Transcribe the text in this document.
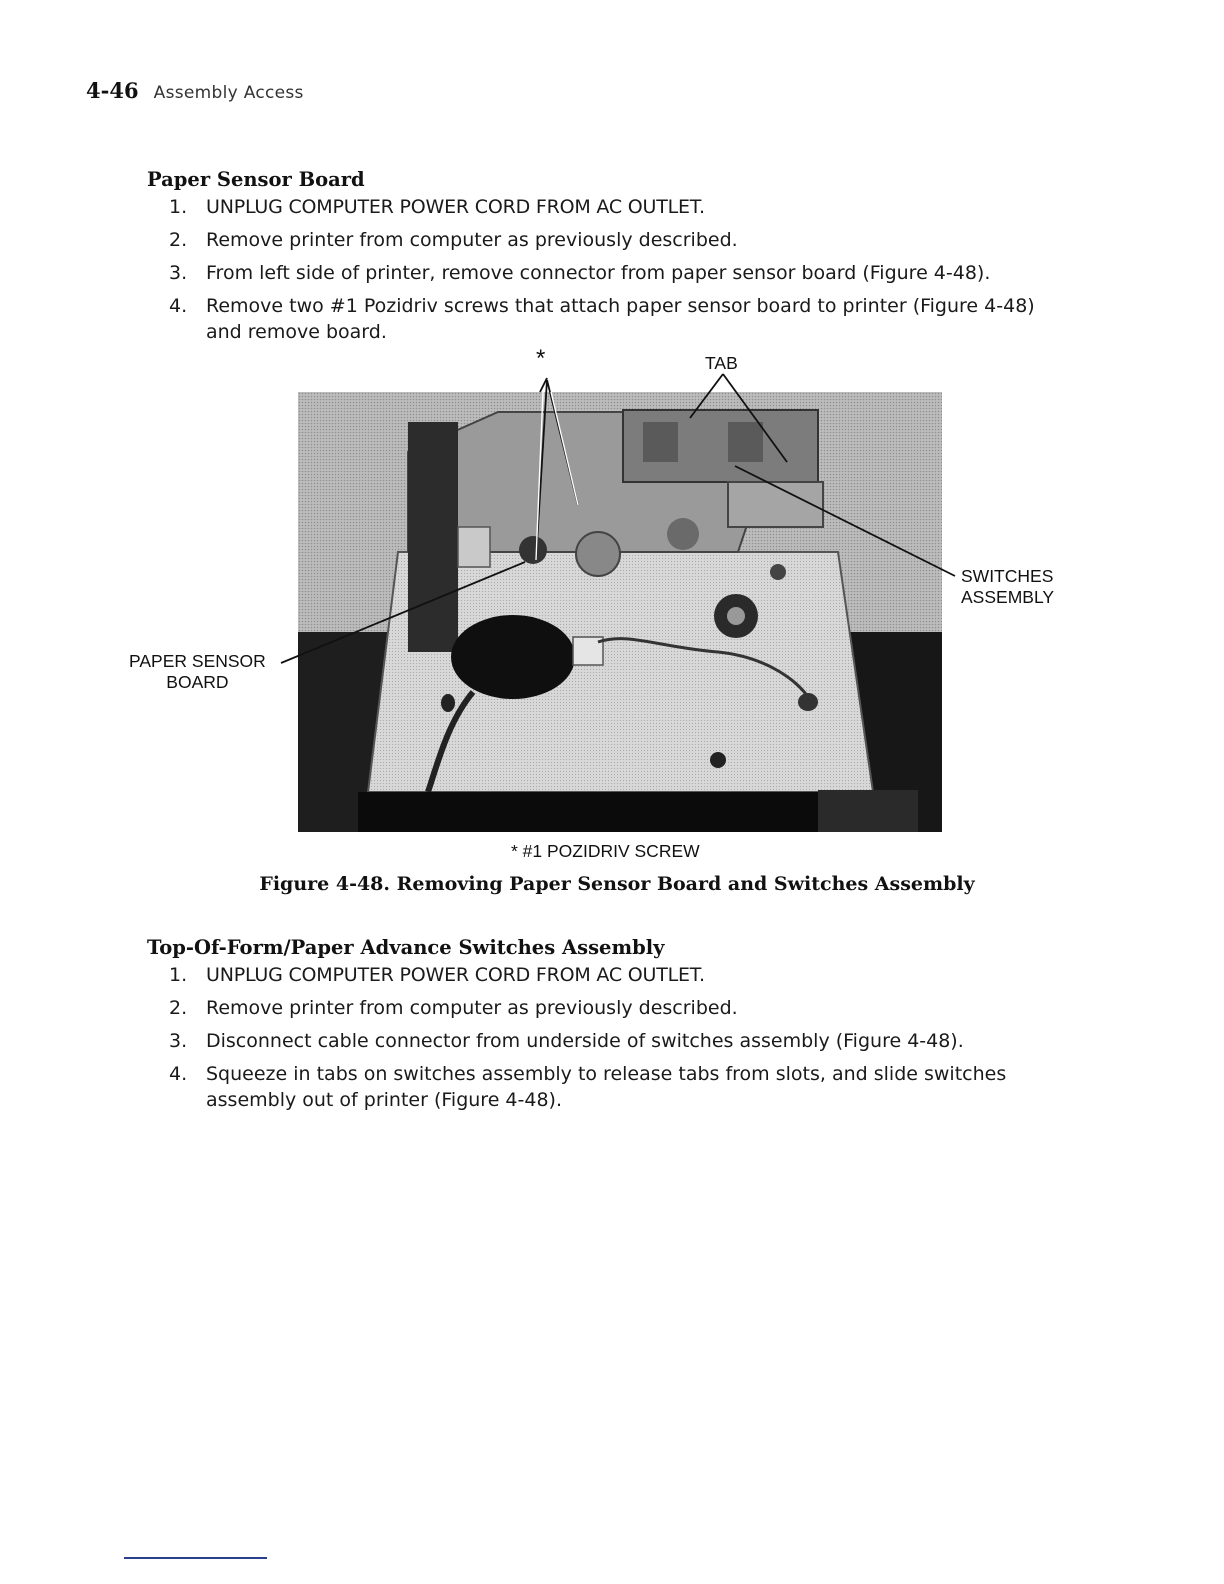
4-46 Assembly Access
Paper Sensor Board
1. UNPLUG COMPUTER POWER CORD FROM AC OUTLET.
2. Remove printer from computer as previously described.
3. From left side of printer, remove connector from paper sensor board (Figure 4-48).
4. Remove two #1 Pozidriv screws that attach paper sensor board to printer (Figure 4-48) and remove board.
*	TAB
SWITCHES
ASSEMBLY
PAPER SENSOR
BOARD
* #1 POZIDRIV SCREW
Figure 4-48. Removing Paper Sensor Board and Switches Assembly
Top-Of-Form/Paper Advance Switches Assembly
1. UNPLUG COMPUTER POWER CORD FROM AC OUTLET.
2. Remove printer from computer as previously described.
3. Disconnect cable connector from underside of switches assembly (Figure 4-48).
4. Squeeze in tabs on switches assembly to release tabs from slots, and slide switches assembly out of printer (Figure 4-48).
